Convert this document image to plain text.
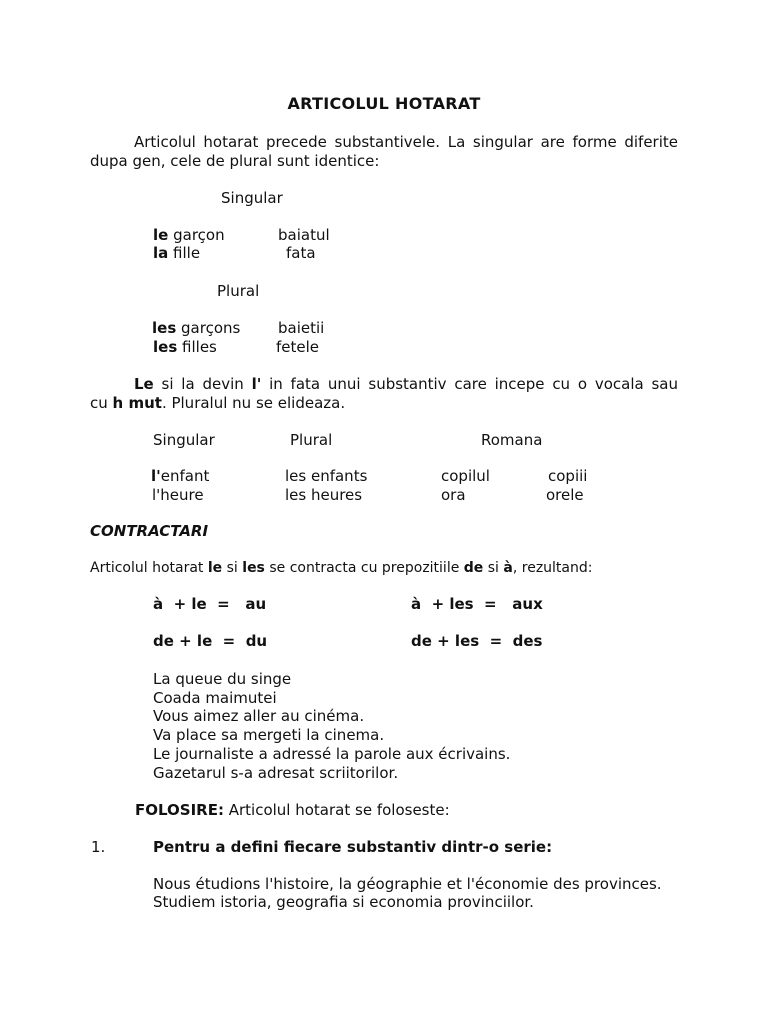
ARTICOLUL HOTARAT
Articolul hotarat precede substantivele. La singular are forme diferite
dupa gen, cele de plural sunt identice:
Singular
le garçon	baiatul
la fille	fata
Plural
les garçons	baietii
les filles	fetele
Le si la devin l' in fata unui substantiv care incepe cu o vocala sau
cu h mut. Pluralul nu se elideaza.
Singular	Plural	Romana
l'enfant	les enfants	copilul	copiii
l'heure	les heures	ora	orele
CONTRACTARI
Articolul hotarat le si les se contracta cu prepozitiile de si à, rezultand:
à  + le  =   au	à  + les  =   aux
de + le  =  du	de + les  =  des
La queue du singe
Coada maimutei
Vous aimez aller au cinéma.
Va place sa mergeti la cinema.
Le journaliste a adressé la parole aux écrivains.
Gazetarul s-a adresat scriitorilor.
FOLOSIRE: Articolul hotarat se foloseste:
1.	Pentru a defini fiecare substantiv dintr-o serie:
Nous étudions l'histoire, la géographie et l'économie des provinces.
Studiem istoria, geografia si economia provinciilor.
